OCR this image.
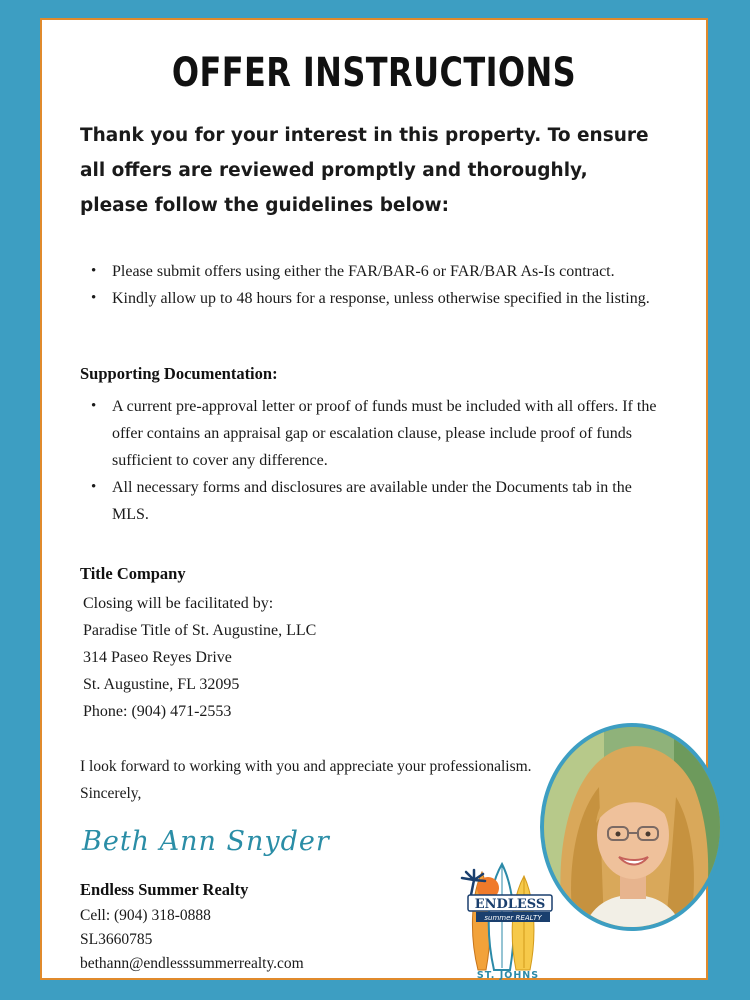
OFFER INSTRUCTIONS

Thank you for your interest in this property. To ensure all offers are reviewed promptly and thoroughly, please follow the guidelines below:

• Please submit offers using either the FAR/BAR-6 or FAR/BAR As-Is contract.
• Kindly allow up to 48 hours for a response, unless otherwise specified in the listing.
Supporting Documentation:
• A current pre-approval letter or proof of funds must be included with all offers. If the offer contains an appraisal gap or escalation clause, please include proof of funds sufficient to cover any difference.
• All necessary forms and disclosures are available under the Documents tab in the MLS.
Title Company
Closing will be facilitated by:
Paradise Title of St. Augustine, LLC
314 Paseo Reyes Drive
St. Augustine, FL 32095
Phone: (904) 471-2553
I look forward to working with you and appreciate your professionalism.
Sincerely,
Beth Ann Snyder
Endless Summer Realty
Cell: (904) 318-0888
SL3660785
bethann@endlesssummerrealty.com
ENDLESS
summer REALTY
ST. JOHNS
